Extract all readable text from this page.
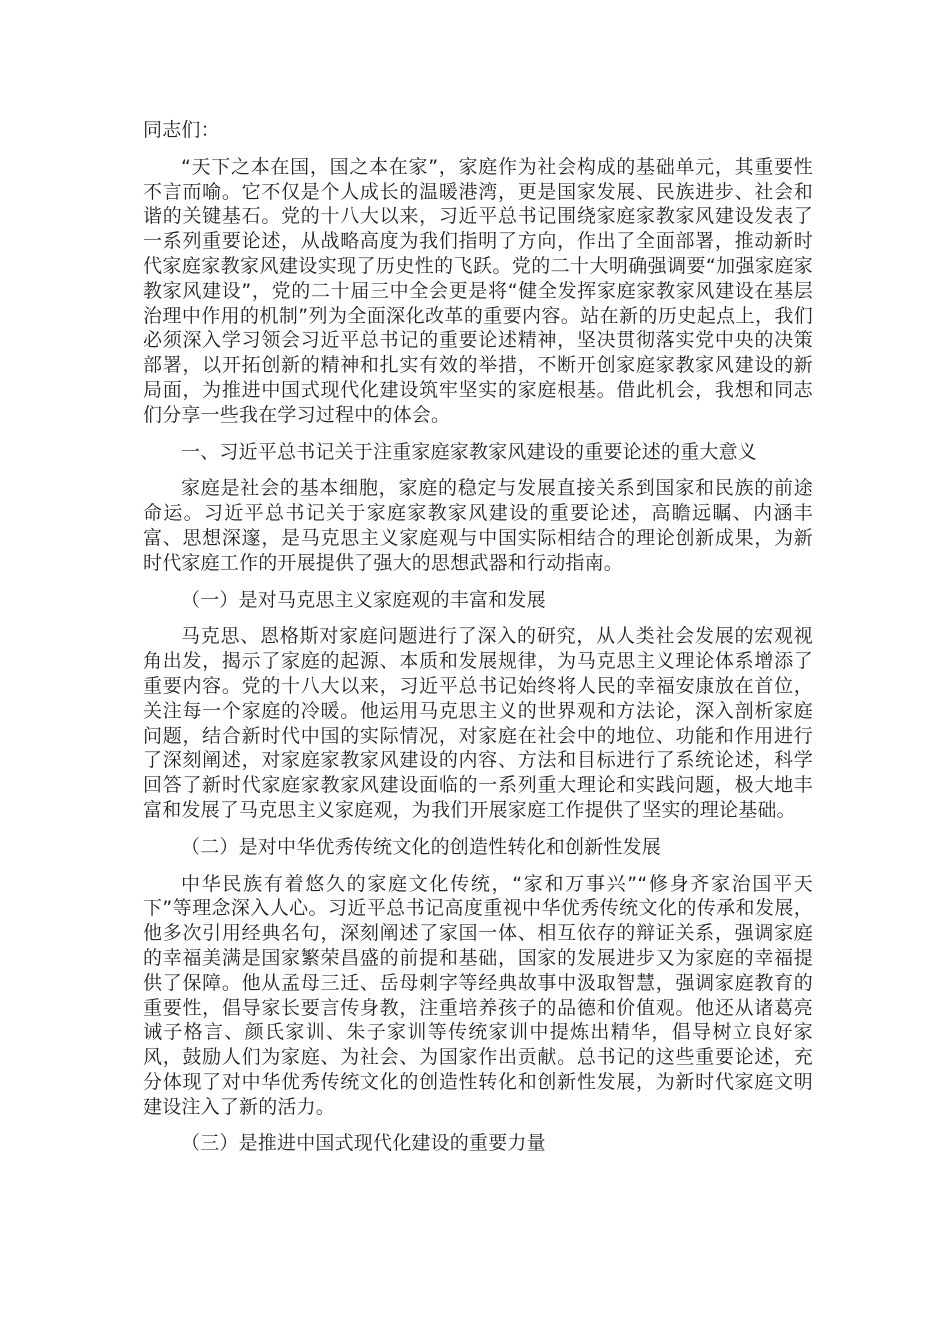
同志们：

“天下之本在国，国之本在家”，家庭作为社会构成的基础单元，其重要性不言而喻。它不仅是个人成长的温暖港湾，更是国家发展、民族进步、社会和谐的关键基石。党的十八大以来，习近平总书记围绕家庭家教家风建设发表了一系列重要论述，从战略高度为我们指明了方向，作出了全面部署，推动新时代家庭家教家风建设实现了历史性的飞跃。党的二十大明确强调要“加强家庭家教家风建设”，党的二十届三中全会更是将“健全发挥家庭家教家风建设在基层治理中作用的机制”列为全面深化改革的重要内容。站在新的历史起点上，我们必须深入学习领会习近平总书记的重要论述精神，坚决贯彻落实党中央的决策部署，以开拓创新的精神和扎实有效的举措，不断开创家庭家教家风建设的新局面，为推进中国式现代化建设筑牢坚实的家庭根基。借此机会，我想和同志们分享一些我在学习过程中的体会。

一、习近平总书记关于注重家庭家教家风建设的重要论述的重大意义

家庭是社会的基本细胞，家庭的稳定与发展直接关系到国家和民族的前途命运。习近平总书记关于家庭家教家风建设的重要论述，高瞻远瞩、内涵丰富、思想深邃，是马克思主义家庭观与中国实际相结合的理论创新成果，为新时代家庭工作的开展提供了强大的思想武器和行动指南。

（一）是对马克思主义家庭观的丰富和发展

马克思、恩格斯对家庭问题进行了深入的研究，从人类社会发展的宏观视角出发，揭示了家庭的起源、本质和发展规律，为马克思主义理论体系增添了重要内容。党的十八大以来，习近平总书记始终将人民的幸福安康放在首位，关注每一个家庭的冷暖。他运用马克思主义的世界观和方法论，深入剖析家庭问题，结合新时代中国的实际情况，对家庭在社会中的地位、功能和作用进行了深刻阐述，对家庭家教家风建设的内容、方法和目标进行了系统论述，科学回答了新时代家庭家教家风建设面临的一系列重大理论和实践问题，极大地丰富和发展了马克思主义家庭观，为我们开展家庭工作提供了坚实的理论基础。

（二）是对中华优秀传统文化的创造性转化和创新性发展

中华民族有着悠久的家庭文化传统，“家和万事兴”“修身齐家治国平天下”等理念深入人心。习近平总书记高度重视中华优秀传统文化的传承和发展，他多次引用经典名句，深刻阐述了家国一体、相互依存的辩证关系，强调家庭的幸福美满是国家繁荣昌盛的前提和基础，国家的发展进步又为家庭的幸福提供了保障。他从孟母三迁、岳母刺字等经典故事中汲取智慧，强调家庭教育的重要性，倡导家长要言传身教，注重培养孩子的品德和价值观。他还从诸葛亮诫子格言、颜氏家训、朱子家训等传统家训中提炼出精华，倡导树立良好家风，鼓励人们为家庭、为社会、为国家作出贡献。总书记的这些重要论述，充分体现了对中华优秀传统文化的创造性转化和创新性发展，为新时代家庭文明建设注入了新的活力。

（三）是推进中国式现代化建设的重要力量
